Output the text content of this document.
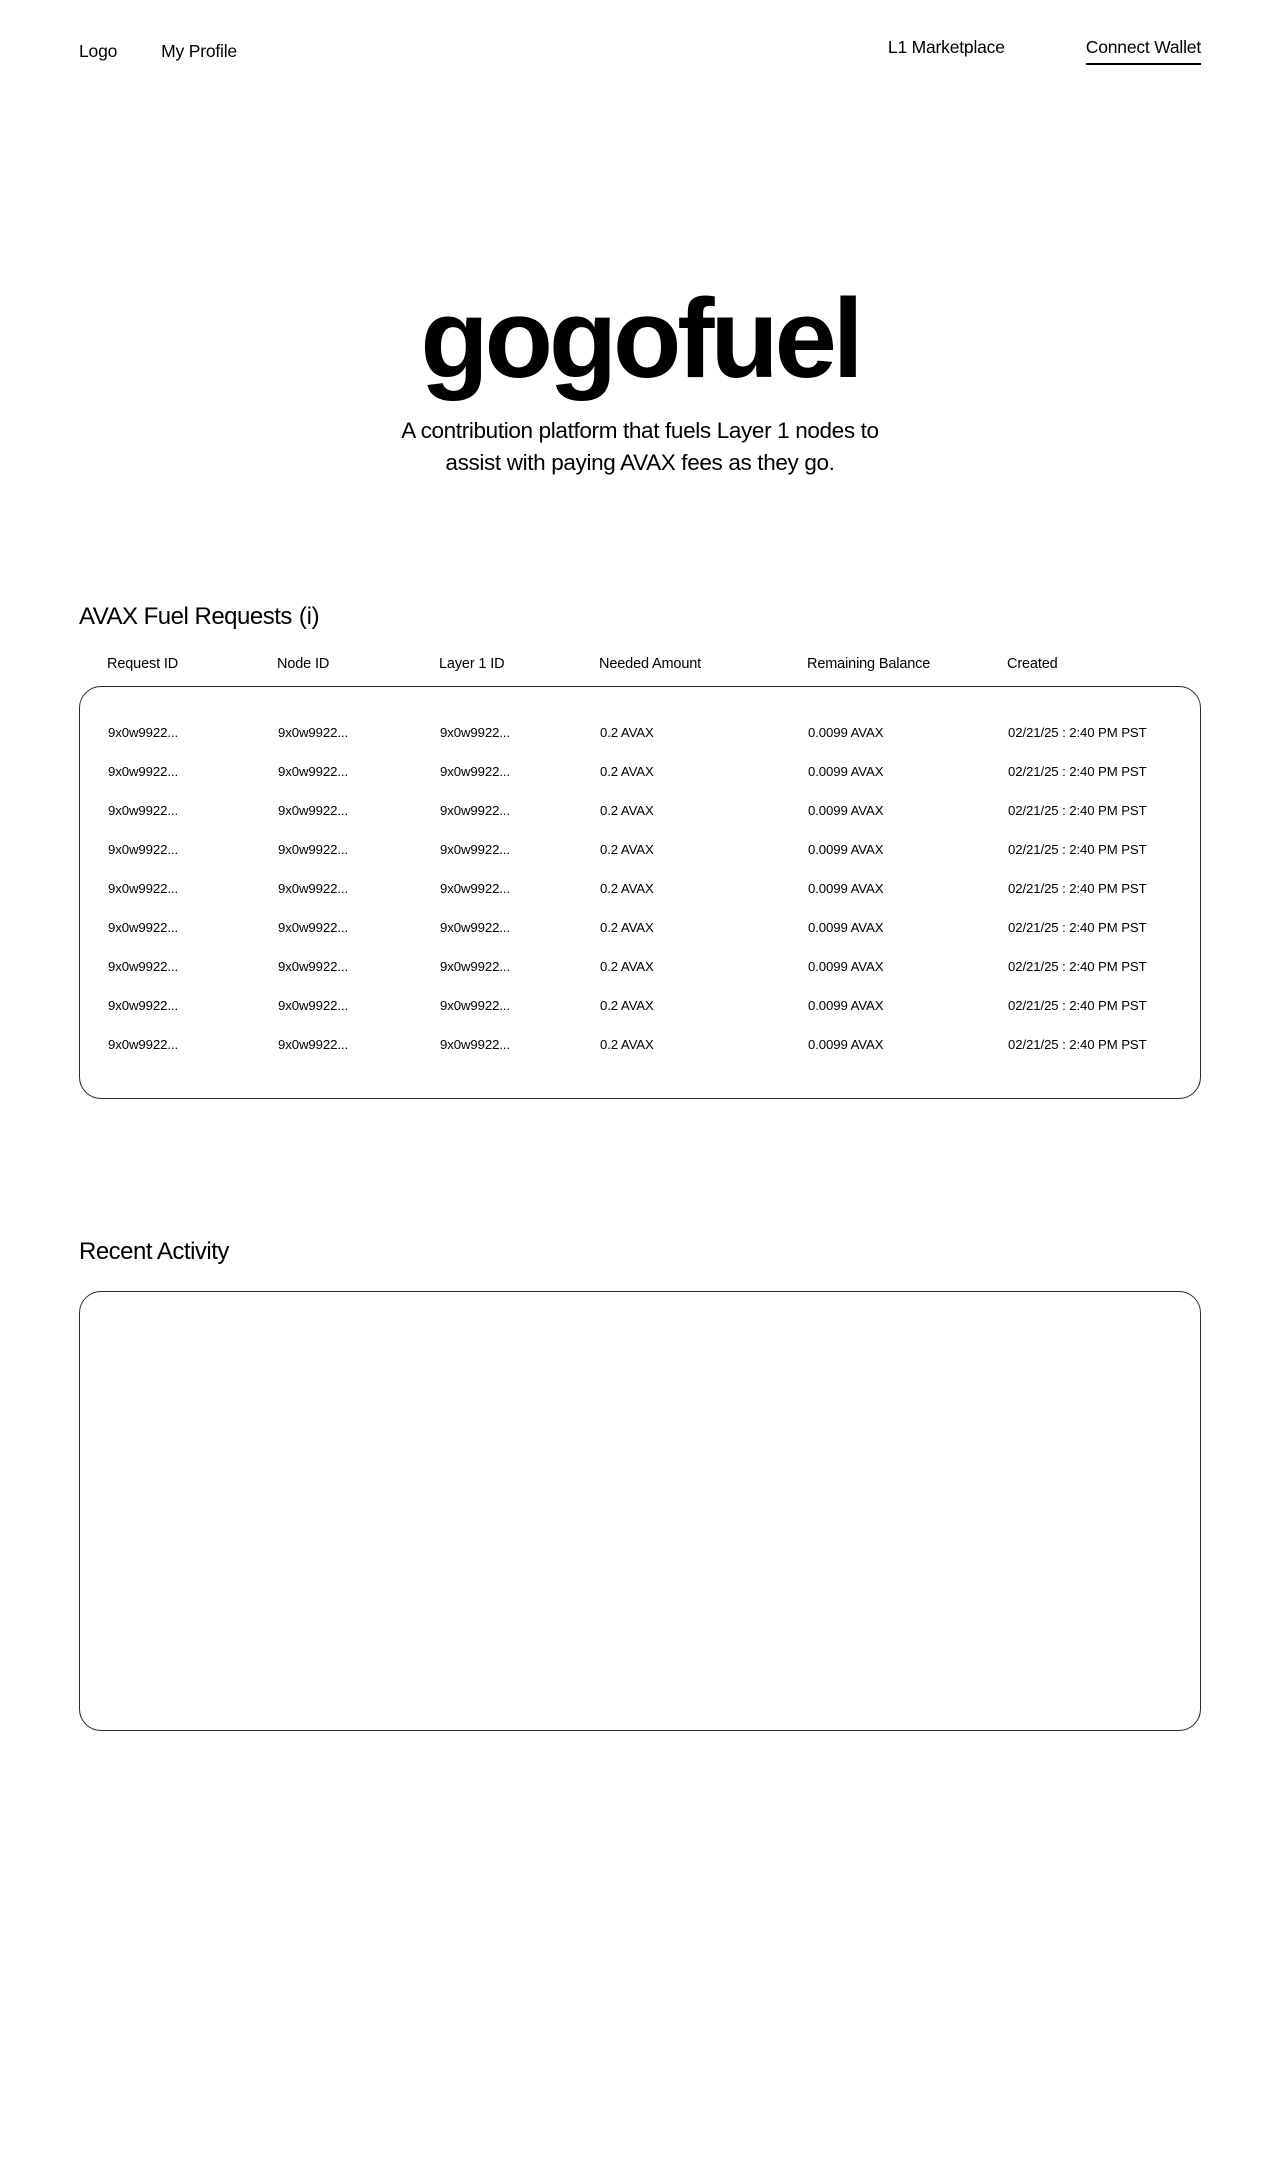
Logo	My Profile	L1 Marketplace	Connect Wallet
gogofuel

A contribution platform that fuels Layer 1 nodes to
assist with paying AVAX fees as they go.

AVAX Fuel Requests (i)
Request ID	Node ID	Layer 1 ID	Needed Amount	Remaining Balance	Created
9x0w9922...	9x0w9922...	9x0w9922...	0.2 AVAX	0.0099 AVAX	02/21/25 : 2:40 PM PST
9x0w9922...	9x0w9922...	9x0w9922...	0.2 AVAX	0.0099 AVAX	02/21/25 : 2:40 PM PST
9x0w9922...	9x0w9922...	9x0w9922...	0.2 AVAX	0.0099 AVAX	02/21/25 : 2:40 PM PST
9x0w9922...	9x0w9922...	9x0w9922...	0.2 AVAX	0.0099 AVAX	02/21/25 : 2:40 PM PST
9x0w9922...	9x0w9922...	9x0w9922...	0.2 AVAX	0.0099 AVAX	02/21/25 : 2:40 PM PST
9x0w9922...	9x0w9922...	9x0w9922...	0.2 AVAX	0.0099 AVAX	02/21/25 : 2:40 PM PST
9x0w9922...	9x0w9922...	9x0w9922...	0.2 AVAX	0.0099 AVAX	02/21/25 : 2:40 PM PST
9x0w9922...	9x0w9922...	9x0w9922...	0.2 AVAX	0.0099 AVAX	02/21/25 : 2:40 PM PST
9x0w9922...	9x0w9922...	9x0w9922...	0.2 AVAX	0.0099 AVAX	02/21/25 : 2:40 PM PST
Recent Activity
